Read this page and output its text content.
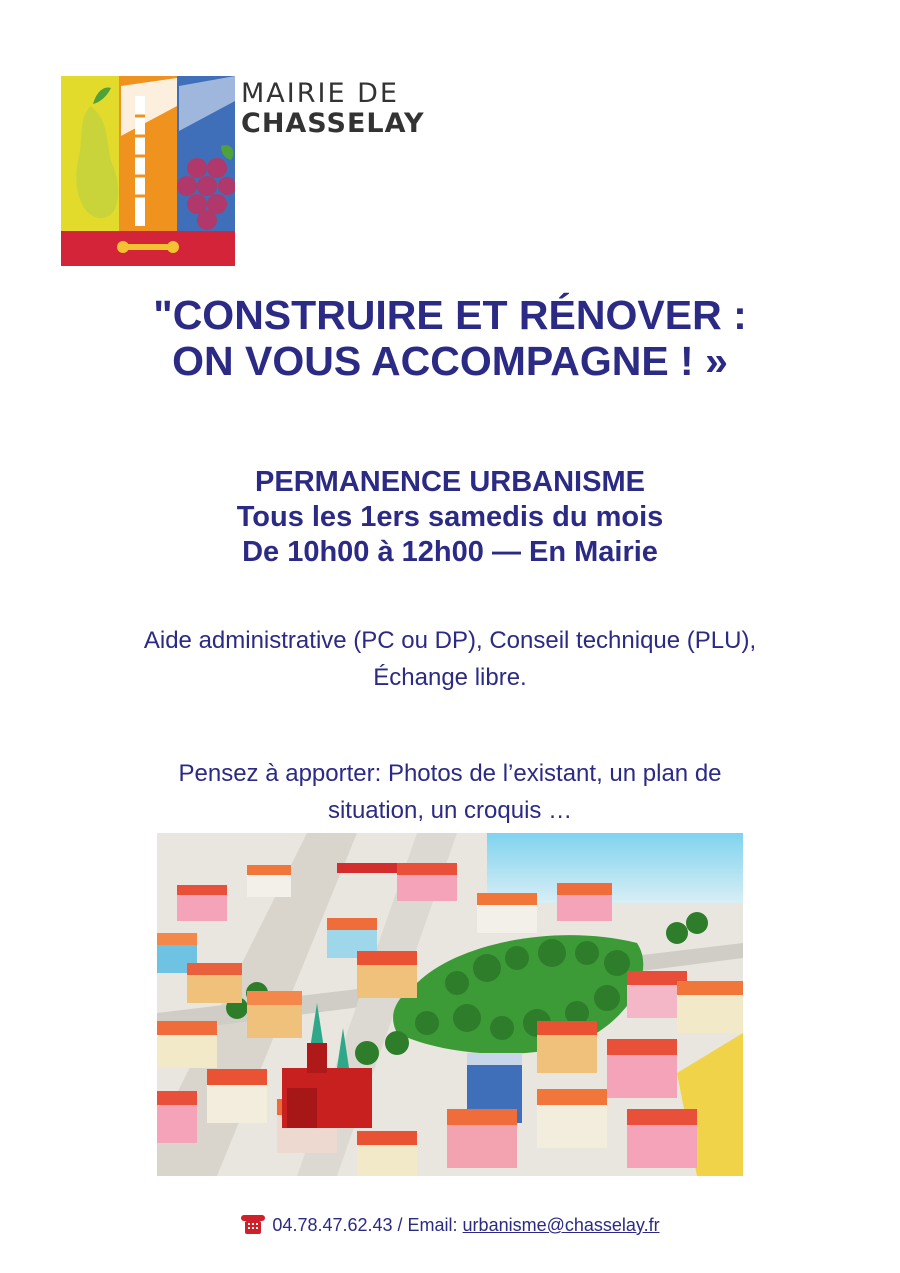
MAIRIE DE
CHASSELAY
"CONSTRUIRE ET RÉNOVER :
ON VOUS ACCOMPAGNE ! »
PERMANENCE URBANISME
Tous les 1ers samedis du mois
De 10h00 à 12h00 — En Mairie
Aide administrative (PC ou DP), Conseil technique (PLU),
Échange libre.
Pensez à apporter: Photos de l’existant, un plan de
situation, un croquis …
04.78.47.62.43 / Email: urbanisme@chasselay.fr
